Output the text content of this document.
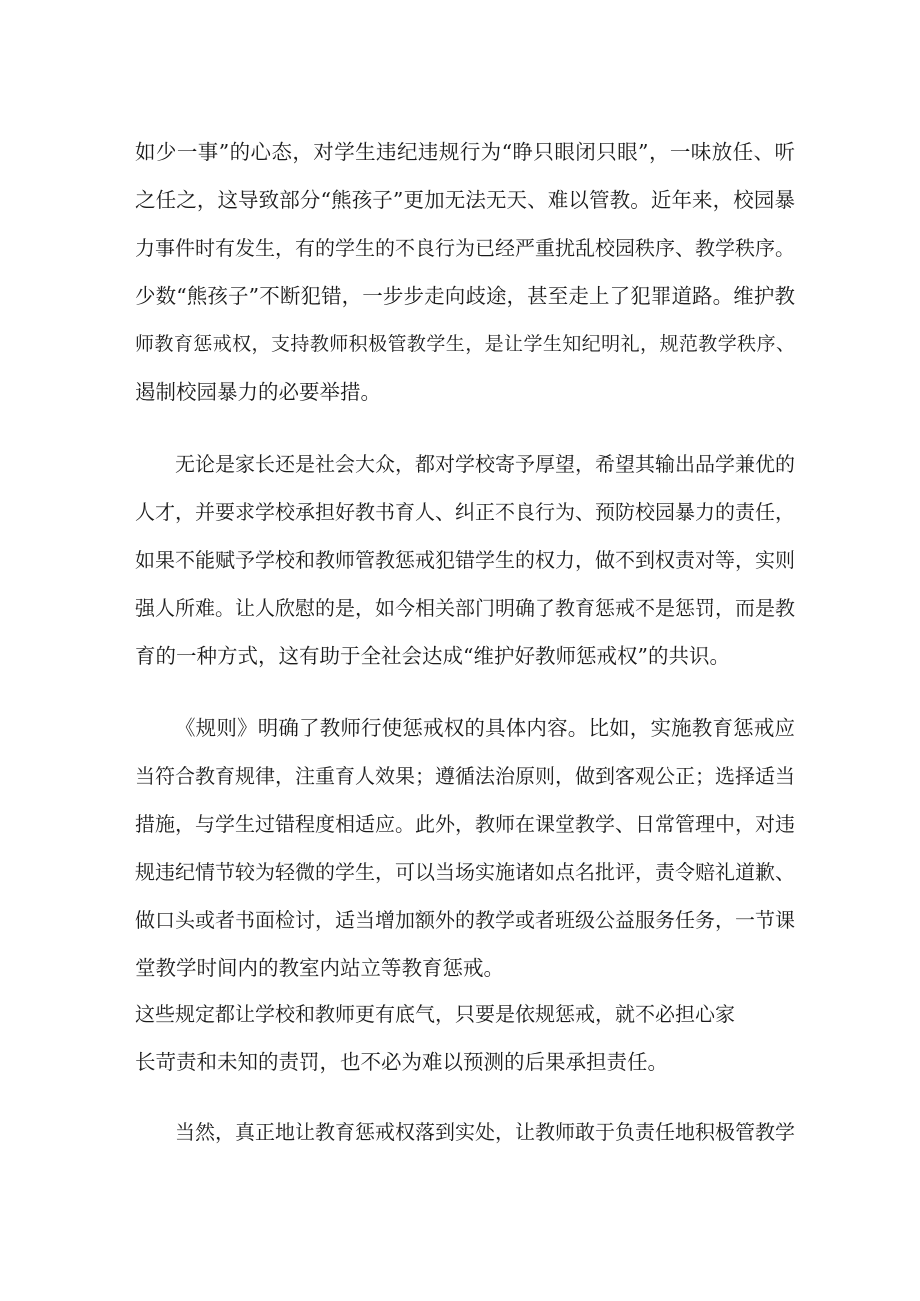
如少一事”的心态，对学生违纪违规行为“睁只眼闭只眼”，一味放任、听
之任之，这导致部分“熊孩子”更加无法无天、难以管教。近年来，校园暴
力事件时有发生，有的学生的不良行为已经严重扰乱校园秩序、教学秩序。
少数“熊孩子”不断犯错，一步步走向歧途，甚至走上了犯罪道路。维护教
师教育惩戒权，支持教师积极管教学生，是让学生知纪明礼，规范教学秩序、
遏制校园暴力的必要举措。
无论是家长还是社会大众，都对学校寄予厚望，希望其输出品学兼优的
人才，并要求学校承担好教书育人、纠正不良行为、预防校园暴力的责任，
如果不能赋予学校和教师管教惩戒犯错学生的权力，做不到权责对等，实则
强人所难。让人欣慰的是，如今相关部门明确了教育惩戒不是惩罚，而是教
育的一种方式，这有助于全社会达成“维护好教师惩戒权”的共识。
《规则》明确了教师行使惩戒权的具体内容。比如，实施教育惩戒应
当符合教育规律，注重育人效果；遵循法治原则，做到客观公正；选择适当
措施，与学生过错程度相适应。此外，教师在课堂教学、日常管理中，对违
规违纪情节较为轻微的学生，可以当场实施诸如点名批评，责令赔礼道歉、
做口头或者书面检讨，适当增加额外的教学或者班级公益服务任务，一节课
堂教学时间内的教室内站立等教育惩戒。
这些规定都让学校和教师更有底气，只要是依规惩戒，就不必担心家
长苛责和未知的责罚，也不必为难以预测的后果承担责任。
当然，真正地让教育惩戒权落到实处，让教师敢于负责任地积极管教学
